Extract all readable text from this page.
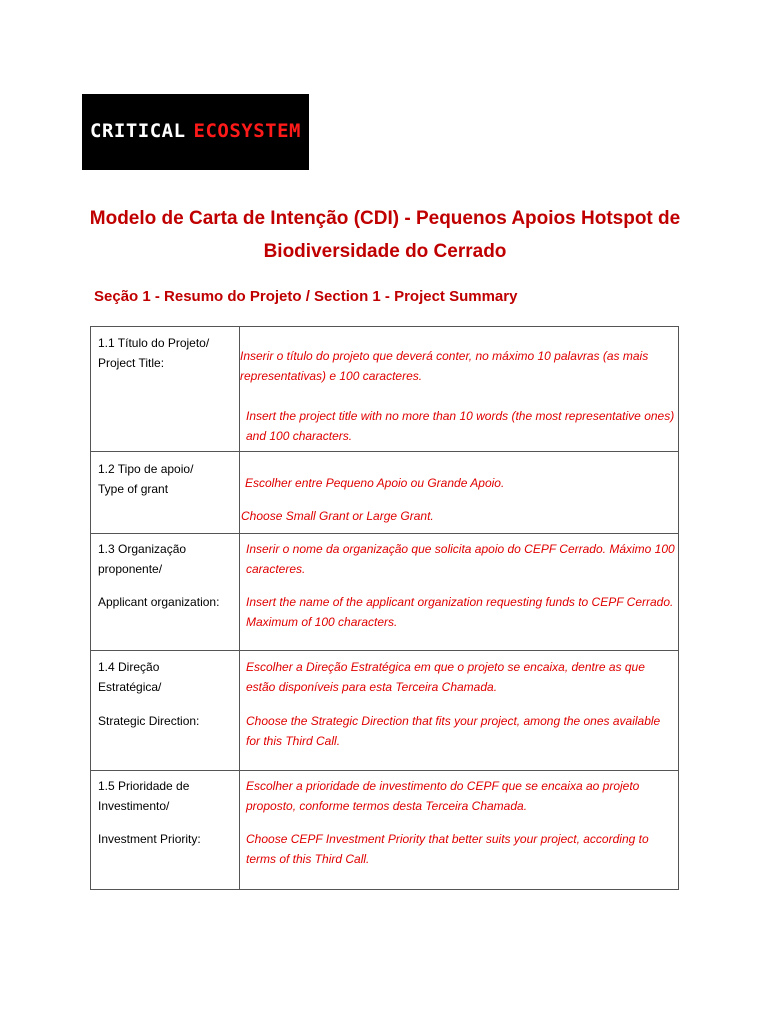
CRITICAL ECOSYSTEM
Modelo de Carta de Intenção (CDI) - Pequenos Apoios Hotspot de Biodiversidade do Cerrado
Seção 1 - Resumo do Projeto / Section 1 - Project Summary
1.1 Título do Projeto/
Project Title:	Inserir o título do projeto que deverá conter, no máximo 10 palavras (as mais representativas) e 100 caracteres.
Insert the project title with no more than 10 words (the most representative ones) and 100 characters.
1.2 Tipo de apoio/
Type of grant	Escolher entre Pequeno Apoio ou Grande Apoio.
Choose Small Grant or Large Grant.
1.3 Organização
proponente/
Applicant organization:
Inserir o nome da organização que solicita apoio do CEPF Cerrado. Máximo 100 caracteres.
Insert the name of the applicant organization requesting funds to CEPF Cerrado. Maximum of 100 characters.
1.4 Direção
Estratégica/
Strategic Direction:
Escolher a Direção Estratégica em que o projeto se encaixa, dentre as que estão disponíveis para esta Terceira Chamada.
Choose the Strategic Direction that fits your project, among the ones available for this Third Call.
1.5 Prioridade de
Investimento/
Investment Priority:
Escolher a prioridade de investimento do CEPF que se encaixa ao projeto proposto, conforme termos desta Terceira Chamada.
Choose CEPF Investment Priority that better suits your project, according to terms of this Third Call.
